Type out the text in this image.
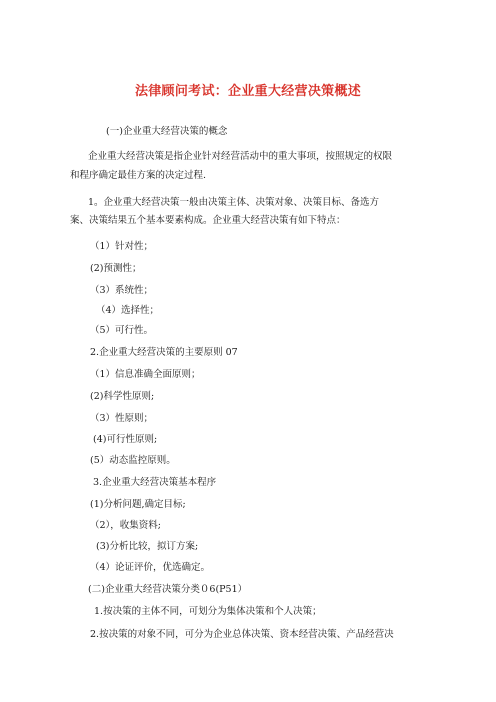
法律顾问考试：企业重大经营决策概述
(一)企业重大经营决策的概念
企业重大经营决策是指企业针对经营活动中的重大事项，按照规定的权限
和程序确定最佳方案的决定过程.
1。企业重大经营决策一般由决策主体、决策对象、决策目标、备选方
案、决策结果五个基本要素构成。企业重大经营决策有如下特点：
（1）针对性；
(2)预测性；
（3）系统性；
（4）选择性；
（5）可行性。
2.企业重大经营决策的主要原则 07
（1）信息准确全面原则；
(2)科学性原则;
（3）性原则；
(4)可行性原则;
(5）动态监控原则。
3.企业重大经营决策基本程序
(1)分析问题,确定目标;
（2），收集资料;
(3)分析比较，拟订方案;
（4）论证评价，优选确定。
(二)企业重大经营决策分类０6(P51）
1.按决策的主体不同，可划分为集体决策和个人决策；
2.按决策的对象不同，可分为企业总体决策、资本经营决策、产品经营决
